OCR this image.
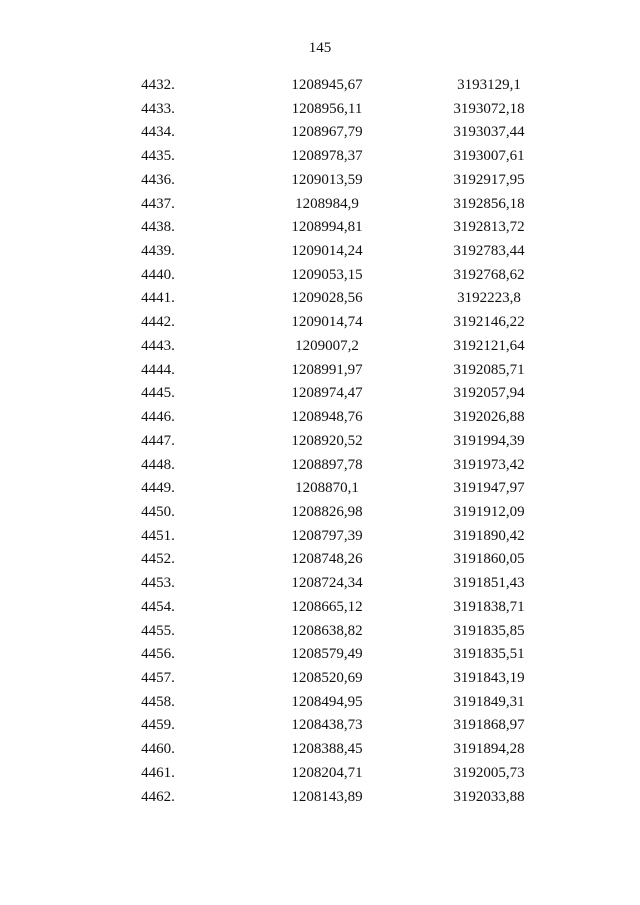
145
4432.	1208945,67	3193129,1
4433.	1208956,11	3193072,18
4434.	1208967,79	3193037,44
4435.	1208978,37	3193007,61
4436.	1209013,59	3192917,95
4437.	1208984,9	3192856,18
4438.	1208994,81	3192813,72
4439.	1209014,24	3192783,44
4440.	1209053,15	3192768,62
4441.	1209028,56	3192223,8
4442.	1209014,74	3192146,22
4443.	1209007,2	3192121,64
4444.	1208991,97	3192085,71
4445.	1208974,47	3192057,94
4446.	1208948,76	3192026,88
4447.	1208920,52	3191994,39
4448.	1208897,78	3191973,42
4449.	1208870,1	3191947,97
4450.	1208826,98	3191912,09
4451.	1208797,39	3191890,42
4452.	1208748,26	3191860,05
4453.	1208724,34	3191851,43
4454.	1208665,12	3191838,71
4455.	1208638,82	3191835,85
4456.	1208579,49	3191835,51
4457.	1208520,69	3191843,19
4458.	1208494,95	3191849,31
4459.	1208438,73	3191868,97
4460.	1208388,45	3191894,28
4461.	1208204,71	3192005,73
4462.	1208143,89	3192033,88
